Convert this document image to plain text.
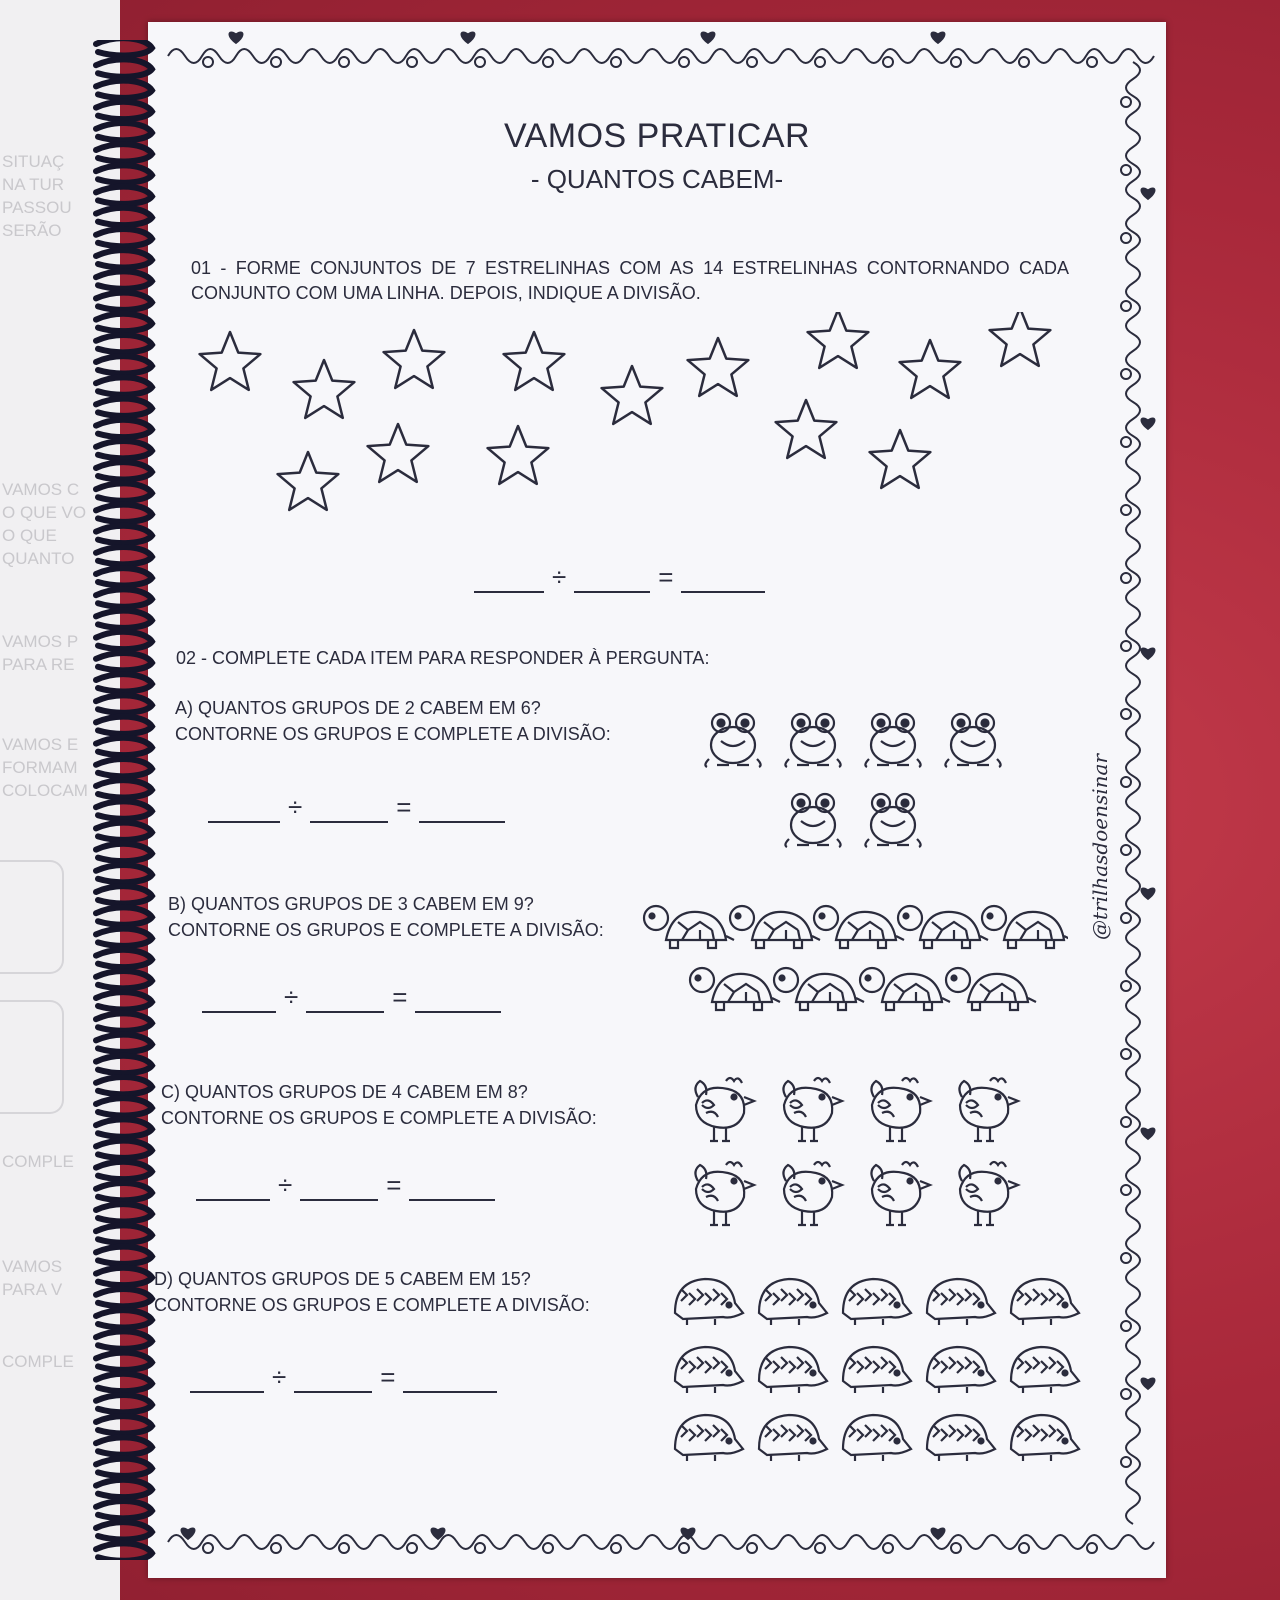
SITUAÇ
NA TUR
PASSOU
SERÃO
VAMOS C
O QUE VO
O QUE
QUANTO
VAMOS P
PARA RE
VAMOS E
FORMAM
COLOCAM
COMPLE
VAMOS
PARA V
COMPLE
VAMOS PRATICAR
- QUANTOS CABEM-
01 - FORME CONJUNTOS DE 7 ESTRELINHAS COM AS 14 ESTRELINHAS CONTORNANDO CADA CONJUNTO COM UMA LINHA. DEPOIS, INDIQUE A DIVISÃO.
÷	=
02 - COMPLETE CADA ITEM PARA RESPONDER À PERGUNTA:
A) QUANTOS GRUPOS DE 2 CABEM EM 6?
CONTORNE OS GRUPOS E COMPLETE A DIVISÃO:
÷	=
B) QUANTOS GRUPOS DE 3 CABEM EM 9?
CONTORNE OS GRUPOS E COMPLETE A DIVISÃO:
÷	=
C) QUANTOS GRUPOS DE 4 CABEM EM 8?
CONTORNE OS GRUPOS E COMPLETE A DIVISÃO:
÷	=
D) QUANTOS GRUPOS DE 5 CABEM EM 15?
CONTORNE OS GRUPOS E COMPLETE A DIVISÃO:
÷	=
@trilhasdoensinar
